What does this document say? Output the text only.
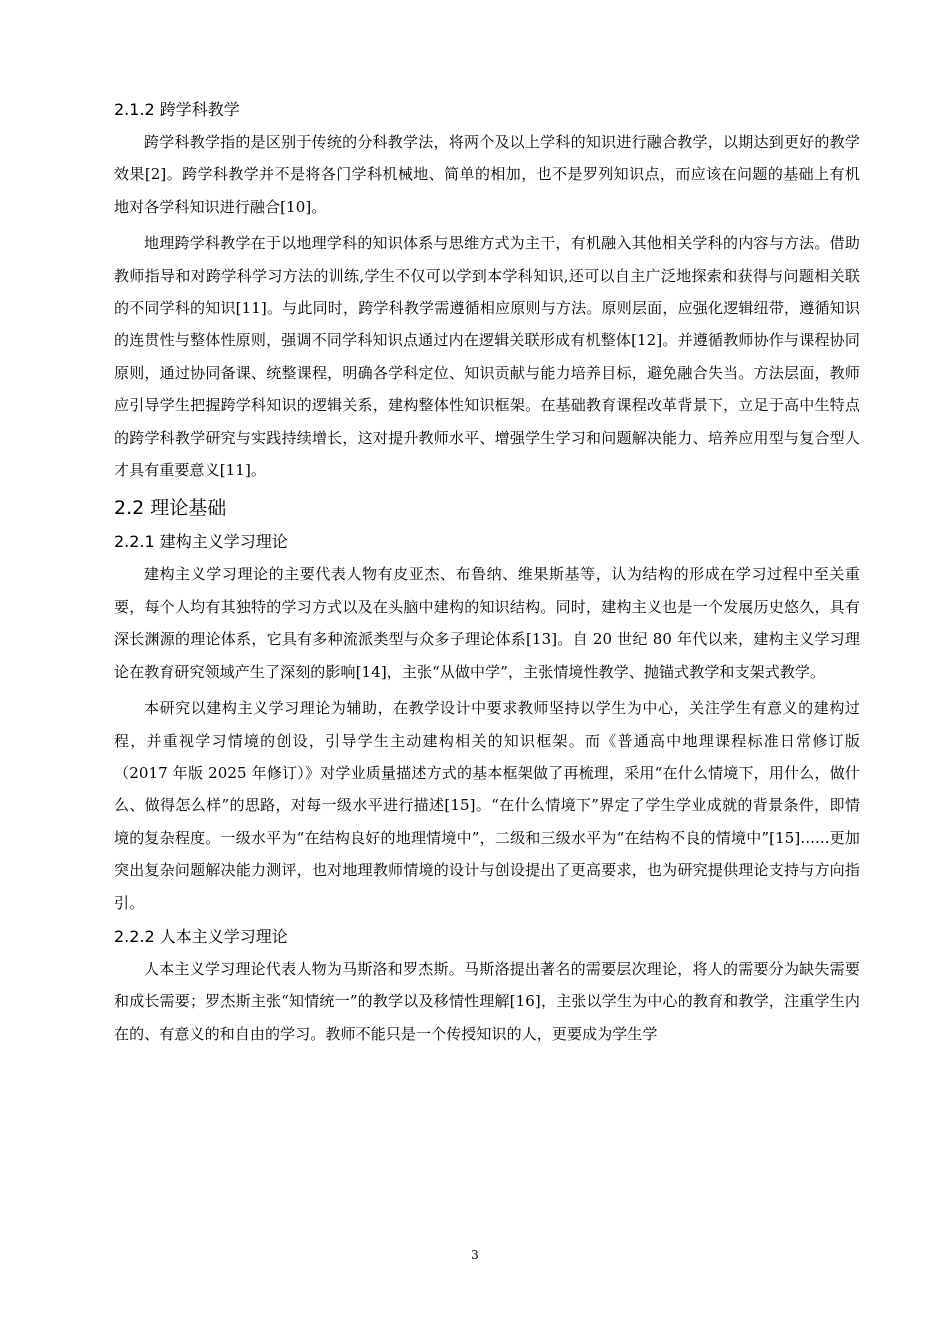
2.1.2 跨学科教学

跨学科教学指的是区别于传统的分科教学法，将两个及以上学科的知识进行融合教学，以期达到更好的教学效果[2]。跨学科教学并不是将各门学科机械地、简单的相加，也不是罗列知识点，而应该在问题的基础上有机地对各学科知识进行融合[10]。

地理跨学科教学在于以地理学科的知识体系与思维方式为主干，有机融入其他相关学科的内容与方法。借助教师指导和对跨学科学习方法的训练,学生不仅可以学到本学科知识,还可以自主广泛地探索和获得与问题相关联的不同学科的知识[11]。与此同时，跨学科教学需遵循相应原则与方法。原则层面，应强化逻辑纽带，遵循知识的连贯性与整体性原则，强调不同学科知识点通过内在逻辑关联形成有机整体[12]。并遵循教师协作与课程协同原则，通过协同备课、统整课程，明确各学科定位、知识贡献与能力培养目标，避免融合失当。方法层面，教师应引导学生把握跨学科知识的逻辑关系，建构整体性知识框架。在基础教育课程改革背景下，立足于高中生特点的跨学科教学研究与实践持续增长，这对提升教师水平、增强学生学习和问题解决能力、培养应用型与复合型人才具有重要意义[11]。

2.2 理论基础
2.2.1 建构主义学习理论

建构主义学习理论的主要代表人物有皮亚杰、布鲁纳、维果斯基等，认为结构的形成在学习过程中至关重要，每个人均有其独特的学习方式以及在头脑中建构的知识结构。同时，建构主义也是一个发展历史悠久，具有深长渊源的理论体系，它具有多种流派类型与众多子理论体系[13]。自 20 世纪 80 年代以来，建构主义学习理论在教育研究领域产生了深刻的影响[14]，主张“从做中学”，主张情境性教学、抛锚式教学和支架式教学。

本研究以建构主义学习理论为辅助，在教学设计中要求教师坚持以学生为中心，关注学生有意义的建构过程，并重视学习情境的创设，引导学生主动建构相关的知识框架。而《普通高中地理课程标准日常修订版（2017 年版 2025 年修订）》对学业质量描述方式的基本框架做了再梳理，采用“在什么情境下，用什么，做什么、做得怎么样”的思路，对每一级水平进行描述[15]。“在什么情境下”界定了学生学业成就的背景条件，即情境的复杂程度。一级水平为“在结构良好的地理情境中”，二级和三级水平为“在结构不良的情境中”[15]......更加突出复杂问题解决能力测评，也对地理教师情境的设计与创设提出了更高要求，也为研究提供理论支持与方向指引。

2.2.2 人本主义学习理论

人本主义学习理论代表人物为马斯洛和罗杰斯。马斯洛提出著名的需要层次理论，将人的需要分为缺失需要和成长需要；罗杰斯主张“知情统一”的教学以及移情性理解[16]，主张以学生为中心的教育和教学，注重学生内在的、有意义的和自由的学习。教师不能只是一个传授知识的人，更要成为学生学

3
